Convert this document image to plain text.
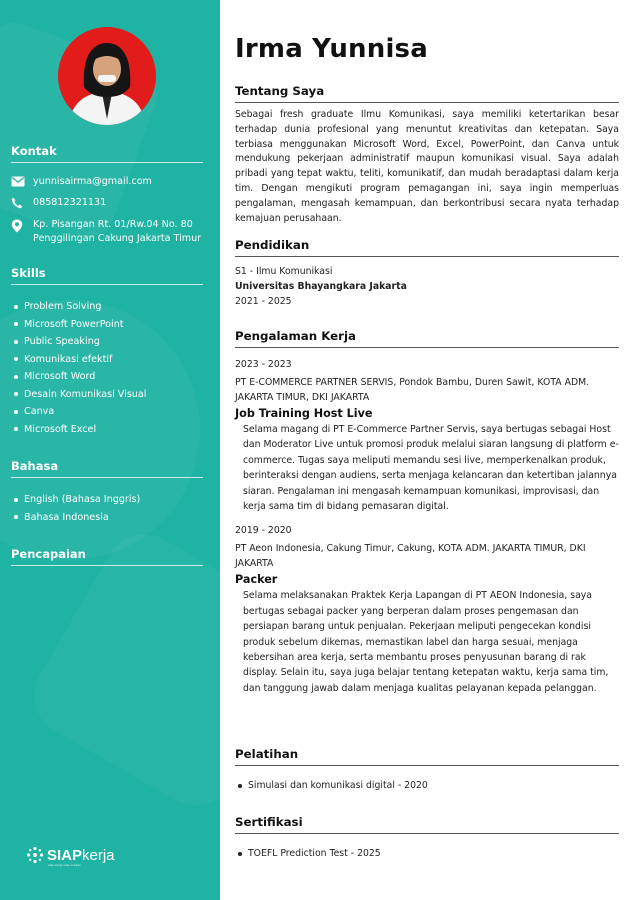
Kontak
yunnisairma@gmail.com
085812321131
Kp. Pisangan Rt. 01/Rw.04 No. 80 Penggilingan Cakung Jakarta Timur
Skills
Problem Solving
Microsoft PowerPoint
Public Speaking
Komunikasi efektif
Microsoft Word
Desain Komunikasi Visual
Canva
Microsoft Excel
Bahasa
English (Bahasa Inggris)
Bahasa Indonesia
Pencapaian
SIAPkerja
siap kerja siap sukses
Irma Yunnisa
Tentang Saya
Sebagai fresh graduate Ilmu Komunikasi, saya memiliki ketertarikan besar terhadap dunia profesional yang menuntut kreativitas dan ketepatan. Saya terbiasa menggunakan Microsoft Word, Excel, PowerPoint, dan Canva untuk mendukung pekerjaan administratif maupun komunikasi visual. Saya adalah pribadi yang tepat waktu, teliti, komunikatif, dan mudah beradaptasi dalam kerja tim. Dengan mengikuti program pemagangan ini, saya ingin memperluas pengalaman, mengasah kemampuan, dan berkontribusi secara nyata terhadap kemajuan perusahaan.
Pendidikan
S1 - Ilmu Komunikasi
Universitas Bhayangkara Jakarta
2021 - 2025
Pengalaman Kerja
2023 - 2023
PT E-COMMERCE PARTNER SERVIS, Pondok Bambu, Duren Sawit, KOTA ADM. JAKARTA TIMUR, DKI JAKARTA
Job Training Host Live
Selama magang di PT E-Commerce Partner Servis, saya bertugas sebagai Host dan Moderator Live untuk promosi produk melalui siaran langsung di platform e-commerce. Tugas saya meliputi memandu sesi live, memperkenalkan produk, berinteraksi dengan audiens, serta menjaga kelancaran dan ketertiban jalannya siaran. Pengalaman ini mengasah kemampuan komunikasi, improvisasi, dan kerja sama tim di bidang pemasaran digital.
2019 - 2020
PT Aeon Indonesia, Cakung Timur, Cakung, KOTA ADM. JAKARTA TIMUR, DKI JAKARTA
Packer
Selama melaksanakan Praktek Kerja Lapangan di PT AEON Indonesia, saya bertugas sebagai packer yang berperan dalam proses pengemasan dan persiapan barang untuk penjualan. Pekerjaan meliputi pengecekan kondisi produk sebelum dikemas, memastikan label dan harga sesuai, menjaga kebersihan area kerja, serta membantu proses penyusunan barang di rak display. Selain itu, saya juga belajar tentang ketepatan waktu, kerja sama tim, dan tanggung jawab dalam menjaga kualitas pelayanan kepada pelanggan.
Pelatihan
Simulasi dan komunikasi digital - 2020
Sertifikasi
TOEFL Prediction Test - 2025
